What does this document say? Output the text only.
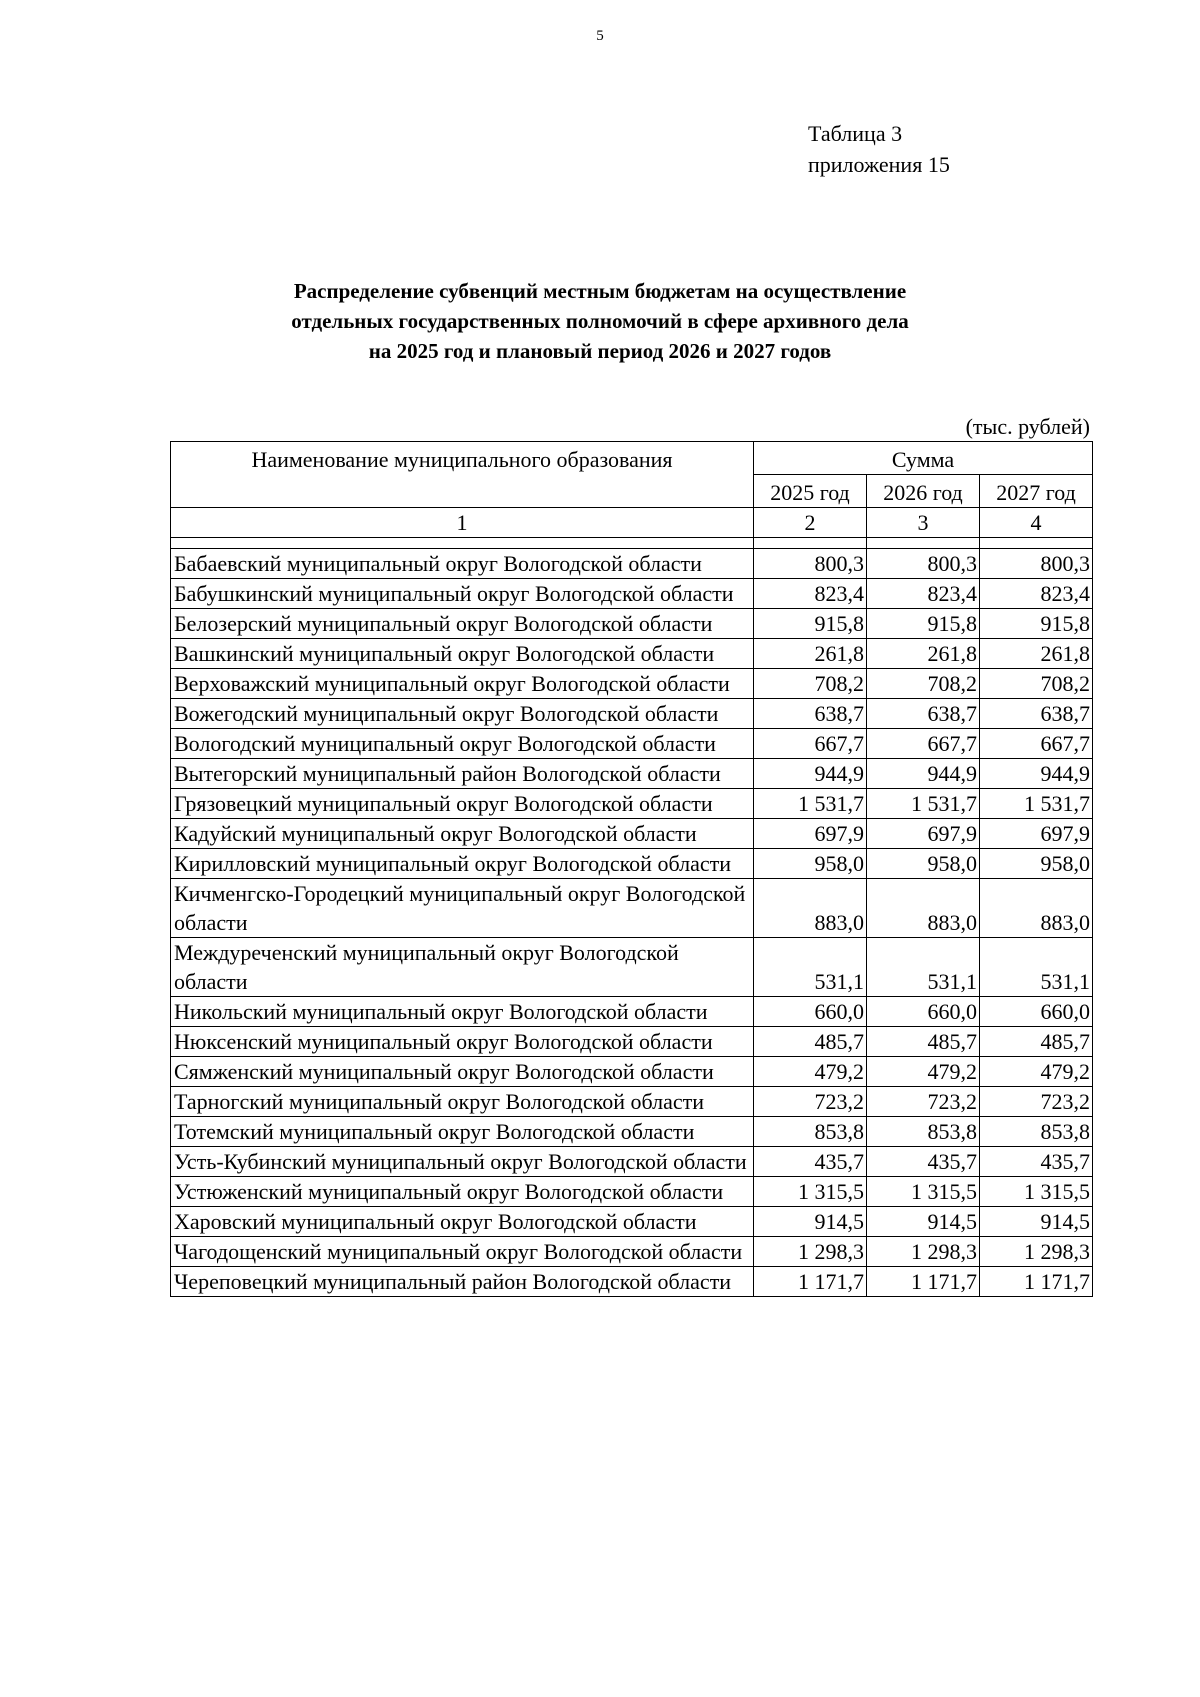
5
Таблица 3
приложения 15
Распределение субвенций местным бюджетам на осуществление
отдельных государственных полномочий в сфере архивного дела
на 2025 год и плановый период 2026 и 2027 годов
(тыс. рублей)
Наименование муниципального образования	Сумма		
	2025 год	2026 год	2027 год
1	2	3	4

Бабаевский муниципальный округ Вологодской области	800,3	800,3	800,3
Бабушкинский муниципальный округ Вологодской области	823,4	823,4	823,4
Белозерский муниципальный округ Вологодской области	915,8	915,8	915,8
Вашкинский муниципальный округ Вологодской области	261,8	261,8	261,8
Верховажский муниципальный округ Вологодской области	708,2	708,2	708,2
Вожегодский муниципальный округ Вологодской области	638,7	638,7	638,7
Вологодский муниципальный округ Вологодской области	667,7	667,7	667,7
Вытегорский муниципальный район Вологодской области	944,9	944,9	944,9
Грязовецкий муниципальный округ Вологодской области	1 531,7	1 531,7	1 531,7
Кадуйский муниципальный округ Вологодской области	697,9	697,9	697,9
Кирилловский муниципальный округ Вологодской области	958,0	958,0	958,0
Кичменгско-Городецкий муниципальный округ Вологодской области	883,0	883,0	883,0
Междуреченский муниципальный округ Вологодской области	531,1	531,1	531,1
Никольский муниципальный округ Вологодской области	660,0	660,0	660,0
Нюксенский муниципальный округ Вологодской области	485,7	485,7	485,7
Сямженский муниципальный округ Вологодской области	479,2	479,2	479,2
Тарногский муниципальный округ Вологодской области	723,2	723,2	723,2
Тотемский муниципальный округ Вологодской области	853,8	853,8	853,8
Усть-Кубинский муниципальный округ Вологодской области	435,7	435,7	435,7
Устюженский муниципальный округ Вологодской области	1 315,5	1 315,5	1 315,5
Харовский муниципальный округ Вологодской области	914,5	914,5	914,5
Чагодощенский муниципальный округ Вологодской области	1 298,3	1 298,3	1 298,3
Череповецкий муниципальный район Вологодской области	1 171,7	1 171,7	1 171,7
